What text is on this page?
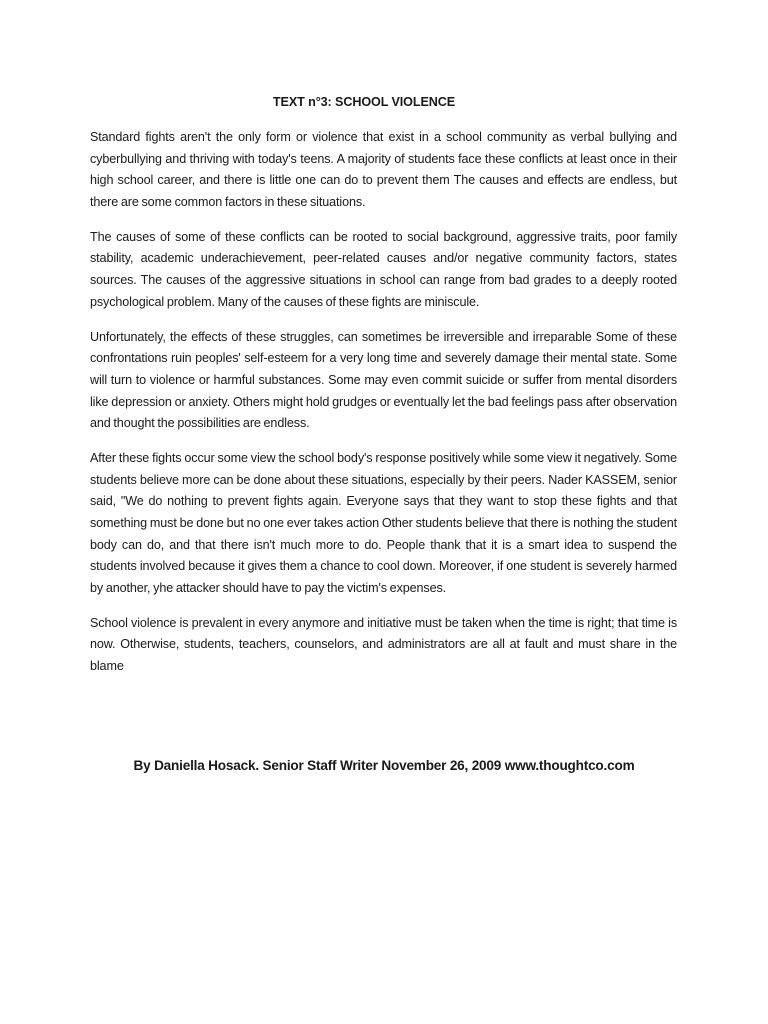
TEXT n°3: SCHOOL VIOLENCE

Standard fights aren't the only form or violence that exist in a school community as verbal bullying and cyberbullying and thriving with today's teens. A majority of students face these conflicts at least once in their high school career, and there is little one can do to prevent them The causes and effects are endless, but there are some common factors in these situations.

The causes of some of these conflicts can be rooted to social background, aggressive traits, poor family stability, academic underachievement, peer-related causes and/or negative community factors, states sources. The causes of the aggressive situations in school can range from bad grades to a deeply rooted psychological problem. Many of the causes of these fights are miniscule.

Unfortunately, the effects of these struggles, can sometimes be irreversible and irreparable Some of these confrontations ruin peoples' self-esteem for a very long time and severely damage their mental state. Some will turn to violence or harmful substances. Some may even commit suicide or suffer from mental disorders like depression or anxiety. Others might hold grudges or eventually let the bad feelings pass after observation and thought the possibilities are endless.

After these fights occur some view the school body's response positively while some view it negatively. Some students believe more can be done about these situations, especially by their peers. Nader KASSEM, senior said, "We do nothing to prevent fights again. Everyone says that they want to stop these fights and that something must be done but no one ever takes action Other students believe that there is nothing the student body can do, and that there isn't much more to do. People thank that it is a smart idea to suspend the students involved because it gives them a chance to cool down. Moreover, if one student is severely harmed by another, yhe attacker should have to pay the victim's expenses.

School violence is prevalent in every anymore and initiative must be taken when the time is right; that time is now. Otherwise, students, teachers, counselors, and administrators are all at fault and must share in the blame

By Daniella Hosack. Senior Staff Writer November 26, 2009 www.thoughtco.com
